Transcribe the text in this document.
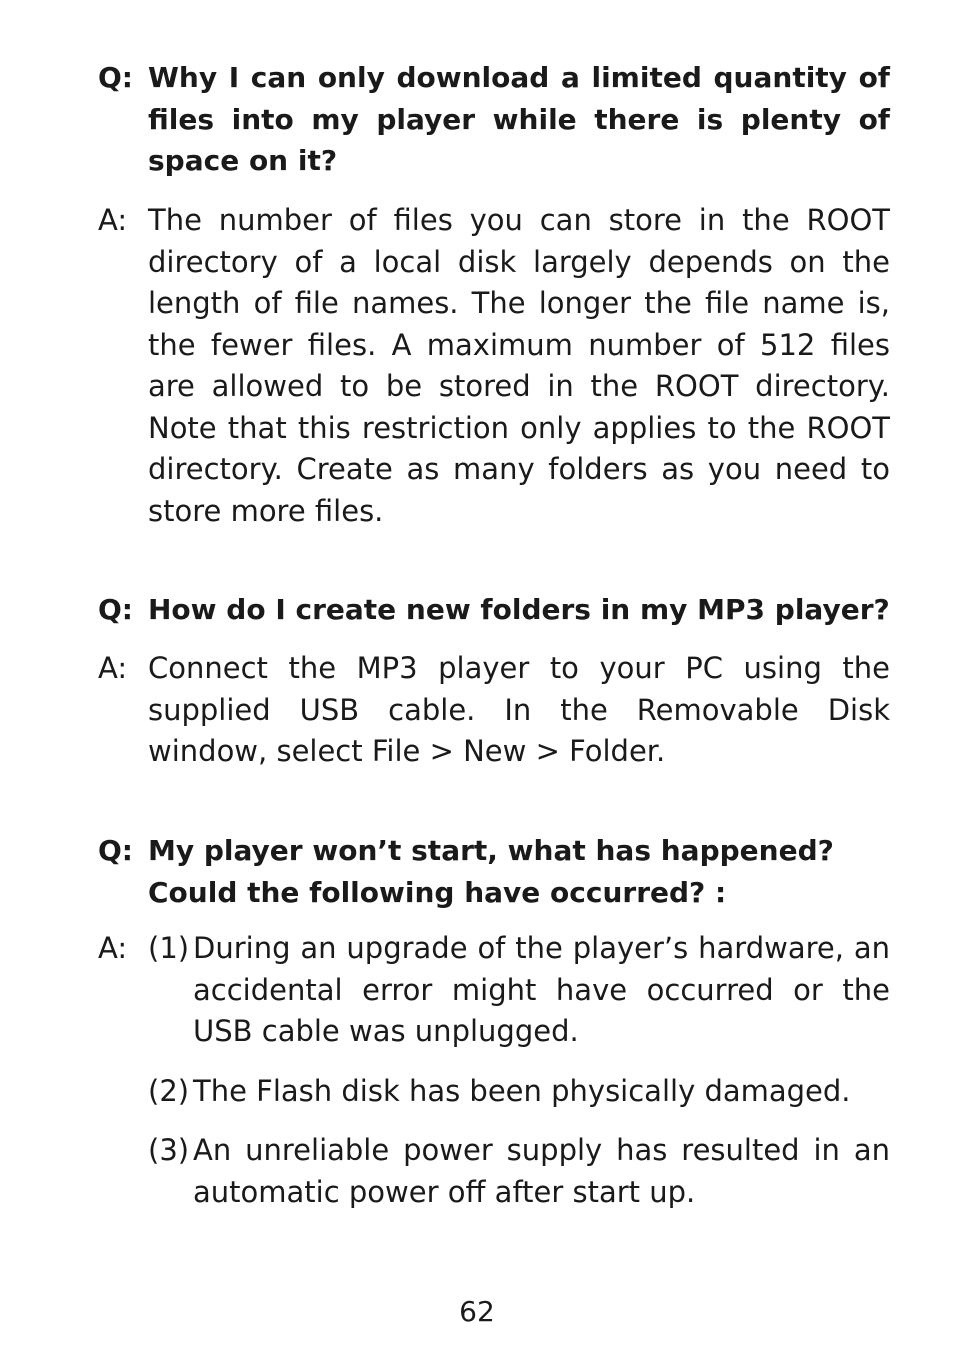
Q: Why I can only download a limited quantity of files into my player while there is plenty of space on it?
A: The number of files you can store in the ROOT directory of a local disk largely depends on the length of file names. The longer the file name is, the fewer files. A maximum number of 512 files are allowed to be stored in the ROOT directory. Note that this restriction only applies to the ROOT directory. Create as many folders as you need to store more files.
Q: How do I create new folders in my MP3 player?
A: Connect the MP3 player to your PC using the supplied USB cable. In the Removable Disk window, select File > New > Folder.
Q: My player won’t start, what has happened?
Could the following have occurred? :
A: (1) During an upgrade of the player’s hardware, an accidental error might have occurred or the USB cable was unplugged.
(2) The Flash disk has been physically damaged.
(3) An unreliable power supply has resulted in an automatic power off after start up.
62
